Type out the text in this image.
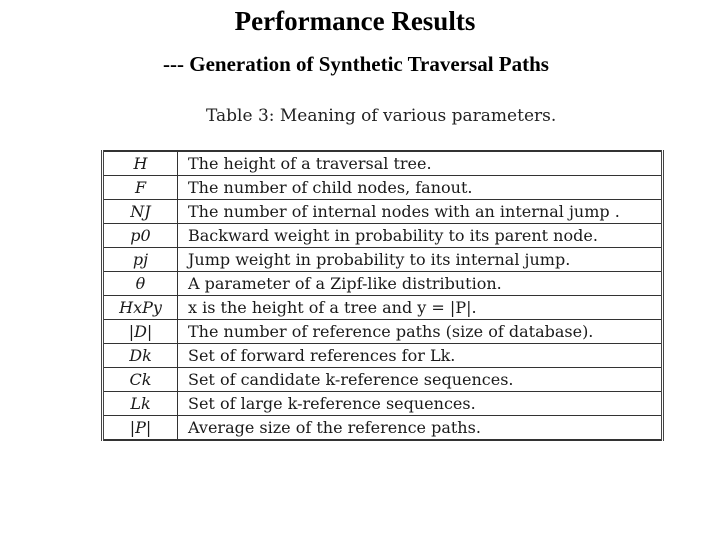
Performance Results
--- Generation of Synthetic Traversal Paths
Table 3: Meaning of various parameters.
H	The height of a traversal tree.
F	The number of child nodes, fanout.
NJ	The number of internal nodes with an internal jump .
p0	Backward weight in probability to its parent node.
pj	Jump weight in probability to its internal jump.
θ	A parameter of a Zipf-like distribution.
HxPy	x is the height of a tree and y = |P|.
|D|	The number of reference paths (size of database).
Dk	Set of forward references for Lk.
Ck	Set of candidate k-reference sequences.
Lk	Set of large k-reference sequences.
|P|	Average size of the reference paths.
